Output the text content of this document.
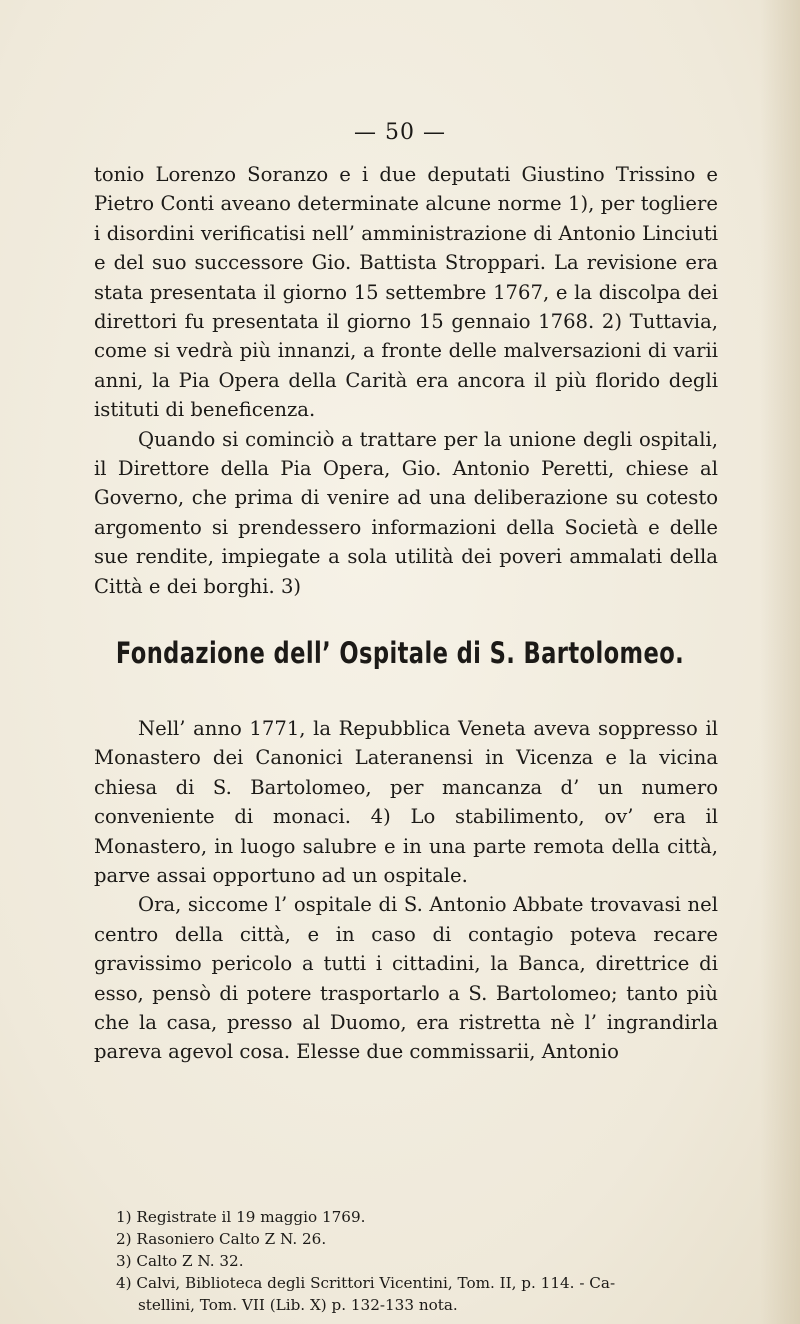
— 50 —

tonio Lorenzo Soranzo e i due deputati Giustino Trissino e Pietro Conti aveano determinate alcune norme 1), per togliere i disordini verificatisi nell’ amministrazione di Antonio Linciuti e del suo successore Gio. Battista Stroppari. La revisione era stata presentata il giorno 15 settembre 1767, e la discolpa dei direttori fu presentata il giorno 15 gennaio 1768. 2) Tuttavia, come si vedrà più innanzi, a fronte delle malversazioni di varii anni, la Pia Opera della Carità era ancora il più florido degli istituti di beneficenza.

Quando si cominciò a trattare per la unione degli ospitali, il Direttore della Pia Opera, Gio. Antonio Peretti, chiese al Governo, che prima di venire ad una deliberazione su cotesto argomento si prendessero informazioni della Società e delle sue rendite, impiegate a sola utilità dei poveri ammalati della Città e dei borghi. 3)

Fondazione dell’ Ospitale di S. Bartolomeo.

Nell’ anno 1771, la Repubblica Veneta aveva soppresso il Monastero dei Canonici Lateranensi in Vicenza e la vicina chiesa di S. Bartolomeo, per mancanza d’ un numero conveniente di monaci. 4) Lo stabilimento, ov’ era il Monastero, in luogo salubre e in una parte remota della città, parve assai opportuno ad un ospitale.

Ora, siccome l’ ospitale di S. Antonio Abbate trovavasi nel centro della città, e in caso di contagio poteva recare gravissimo pericolo a tutti i cittadini, la Banca, direttrice di esso, pensò di potere trasportarlo a S. Bartolomeo; tanto più che la casa, presso al Duomo, era ristretta nè l’ ingrandirla pareva agevol cosa. Elesse due commissarii, Antonio

1) Registrate il 19 maggio 1769.

2) Rasoniero Calto Z N. 26.

3) Calto Z N. 32.

4) Calvi, Biblioteca degli Scrittori Vicentini, Tom. II, p. 114. - Ca-

stellini, Tom. VII (Lib. X) p. 132-133 nota.
